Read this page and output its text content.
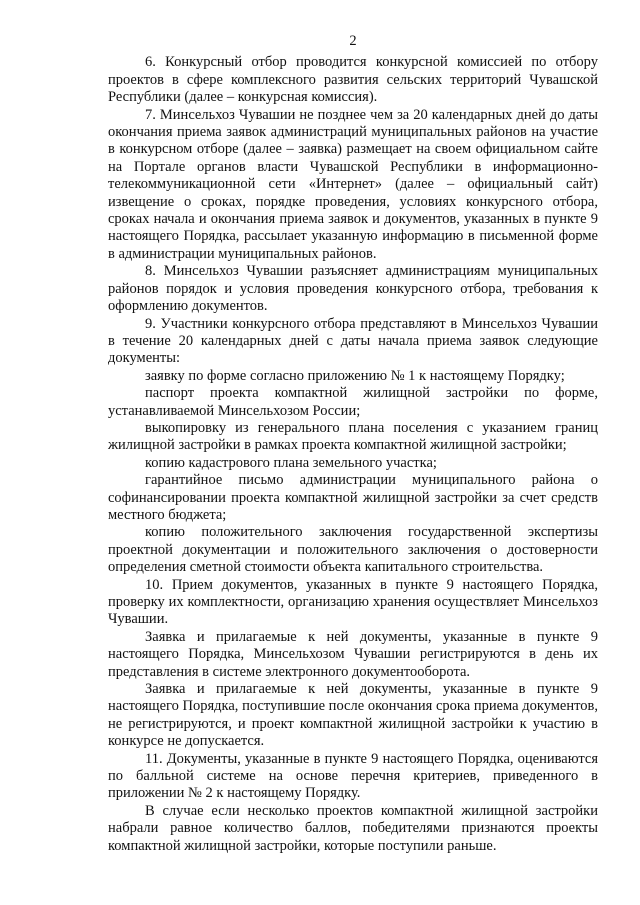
2

6. Конкурсный отбор проводится конкурсной комиссией по отбору проектов в сфере комплексного развития сельских территорий Чувашской Республики (далее – конкурсная комиссия).

7. Минсельхоз Чувашии не позднее чем за 20 календарных дней до даты окончания приема заявок администраций муниципальных районов на участие в конкурсном отборе (далее – заявка) размещает на своем официальном сайте на Портале органов власти Чувашской Республики в информационно-телекоммуникационной сети «Интернет» (далее – официальный сайт) извещение о сроках, порядке проведения, условиях конкурсного отбора, сроках начала и окончания приема заявок и документов, указанных в пункте 9 настоящего Порядка, рассылает указанную информацию в письменной форме в администрации муниципальных районов.

8. Минсельхоз Чувашии разъясняет администрациям муниципальных районов порядок и условия проведения конкурсного отбора, требования к оформлению документов.

9. Участники конкурсного отбора представляют в Минсельхоз Чувашии в течение 20 календарных дней с даты начала приема заявок следующие документы:

заявку по форме согласно приложению № 1 к настоящему Порядку;

паспорт проекта компактной жилищной застройки по форме, устанавливаемой Минсельхозом России;

выкопировку из генерального плана поселения с указанием границ жилищной застройки в рамках проекта компактной жилищной застройки;

копию кадастрового плана земельного участка;

гарантийное письмо администрации муниципального района о софинансировании проекта компактной жилищной застройки за счет средств местного бюджета;

копию положительного заключения государственной экспертизы проектной документации и положительного заключения о достоверности определения сметной стоимости объекта капитального строительства.

10. Прием документов, указанных в пункте 9 настоящего Порядка, проверку их комплектности, организацию хранения осуществляет Минсельхоз Чувашии.

Заявка и прилагаемые к ней документы, указанные в пункте 9 настоящего Порядка, Минсельхозом Чувашии регистрируются в день их представления в системе электронного документооборота.

Заявка и прилагаемые к ней документы, указанные в пункте 9 настоящего Порядка, поступившие после окончания срока приема документов, не регистрируются, и проект компактной жилищной застройки к участию в конкурсе не допускается.

11. Документы, указанные в пункте 9 настоящего Порядка, оцениваются по балльной системе на основе перечня критериев, приведенного в приложении № 2 к настоящему Порядку.

В случае если несколько проектов компактной жилищной застройки набрали равное количество баллов, победителями признаются проекты компактной жилищной застройки, которые поступили раньше.
